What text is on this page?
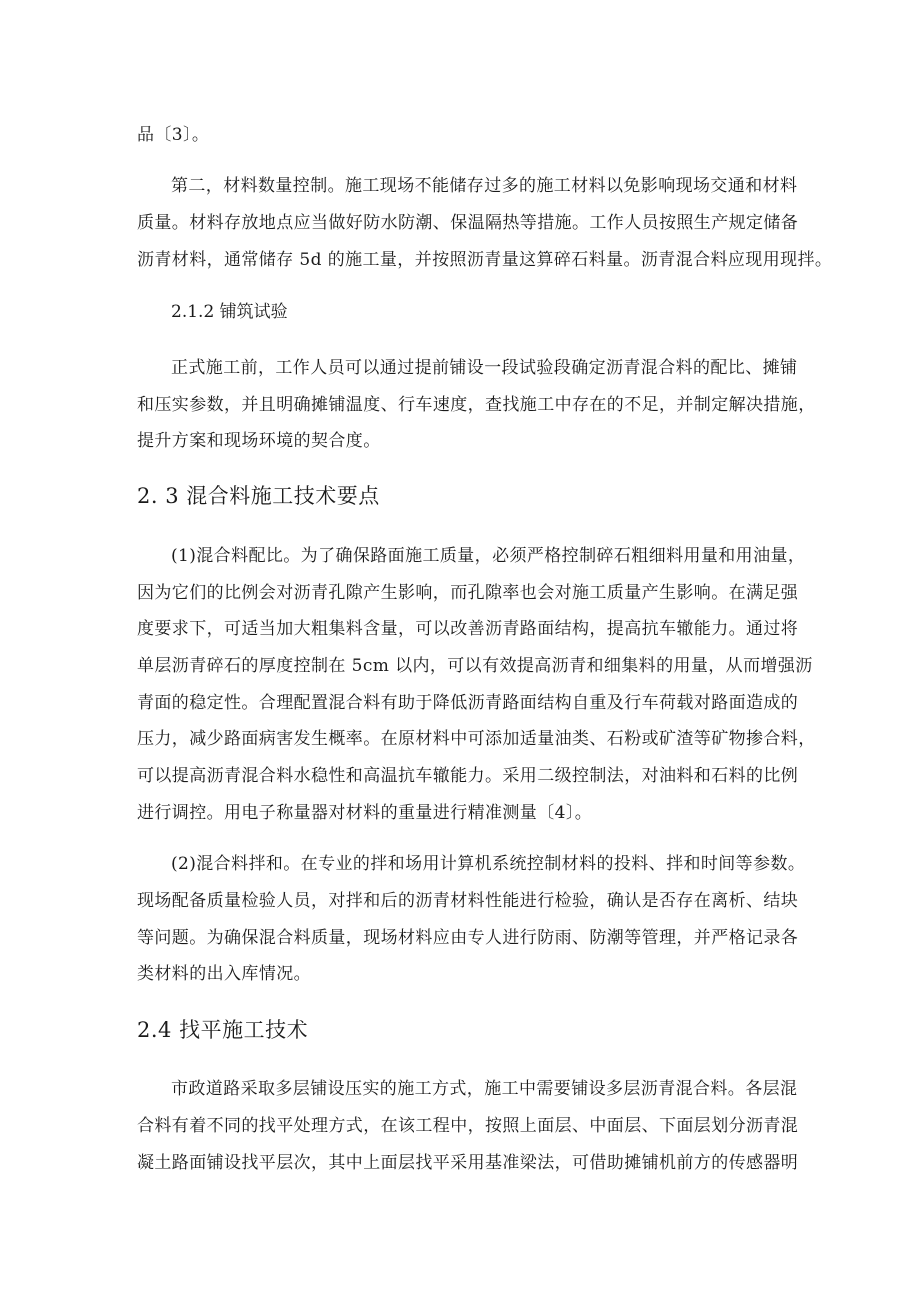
品〔3〕。
第二，材料数量控制。施工现场不能储存过多的施工材料以免影响现场交通和材料
质量。材料存放地点应当做好防水防潮、保温隔热等措施。工作人员按照生产规定储备
沥青材料，通常储存 5d 的施工量，并按照沥青量这算碎石料量。沥青混合料应现用现拌。
2.1.2 铺筑试验
正式施工前，工作人员可以通过提前铺设一段试验段确定沥青混合料的配比、摊铺
和压实参数，并且明确摊铺温度、行车速度，查找施工中存在的不足，并制定解决措施，
提升方案和现场环境的契合度。
2. 3 混合料施工技术要点
(1)混合料配比。为了确保路面施工质量，必须严格控制碎石粗细料用量和用油量，
因为它们的比例会对沥青孔隙产生影响，而孔隙率也会对施工质量产生影响。在满足强
度要求下，可适当加大粗集料含量，可以改善沥青路面结构，提高抗车辙能力。通过将
单层沥青碎石的厚度控制在 5cm 以内，可以有效提高沥青和细集料的用量，从而增强沥
青面的稳定性。合理配置混合料有助于降低沥青路面结构自重及行车荷载对路面造成的
压力，减少路面病害发生概率。在原材料中可添加适量油类、石粉或矿渣等矿物掺合料，
可以提高沥青混合料水稳性和高温抗车辙能力。采用二级控制法，对油料和石料的比例
进行调控。用电子称量器对材料的重量进行精准测量〔4〕。
(2)混合料拌和。在专业的拌和场用计算机系统控制材料的投料、拌和时间等参数。
现场配备质量检验人员，对拌和后的沥青材料性能进行检验，确认是否存在离析、结块
等问题。为确保混合料质量，现场材料应由专人进行防雨、防潮等管理，并严格记录各
类材料的出入库情况。
2.4 找平施工技术
市政道路采取多层铺设压实的施工方式，施工中需要铺设多层沥青混合料。各层混
合料有着不同的找平处理方式，在该工程中，按照上面层、中面层、下面层划分沥青混
凝土路面铺设找平层次，其中上面层找平采用基准梁法，可借助摊铺机前方的传感器明
